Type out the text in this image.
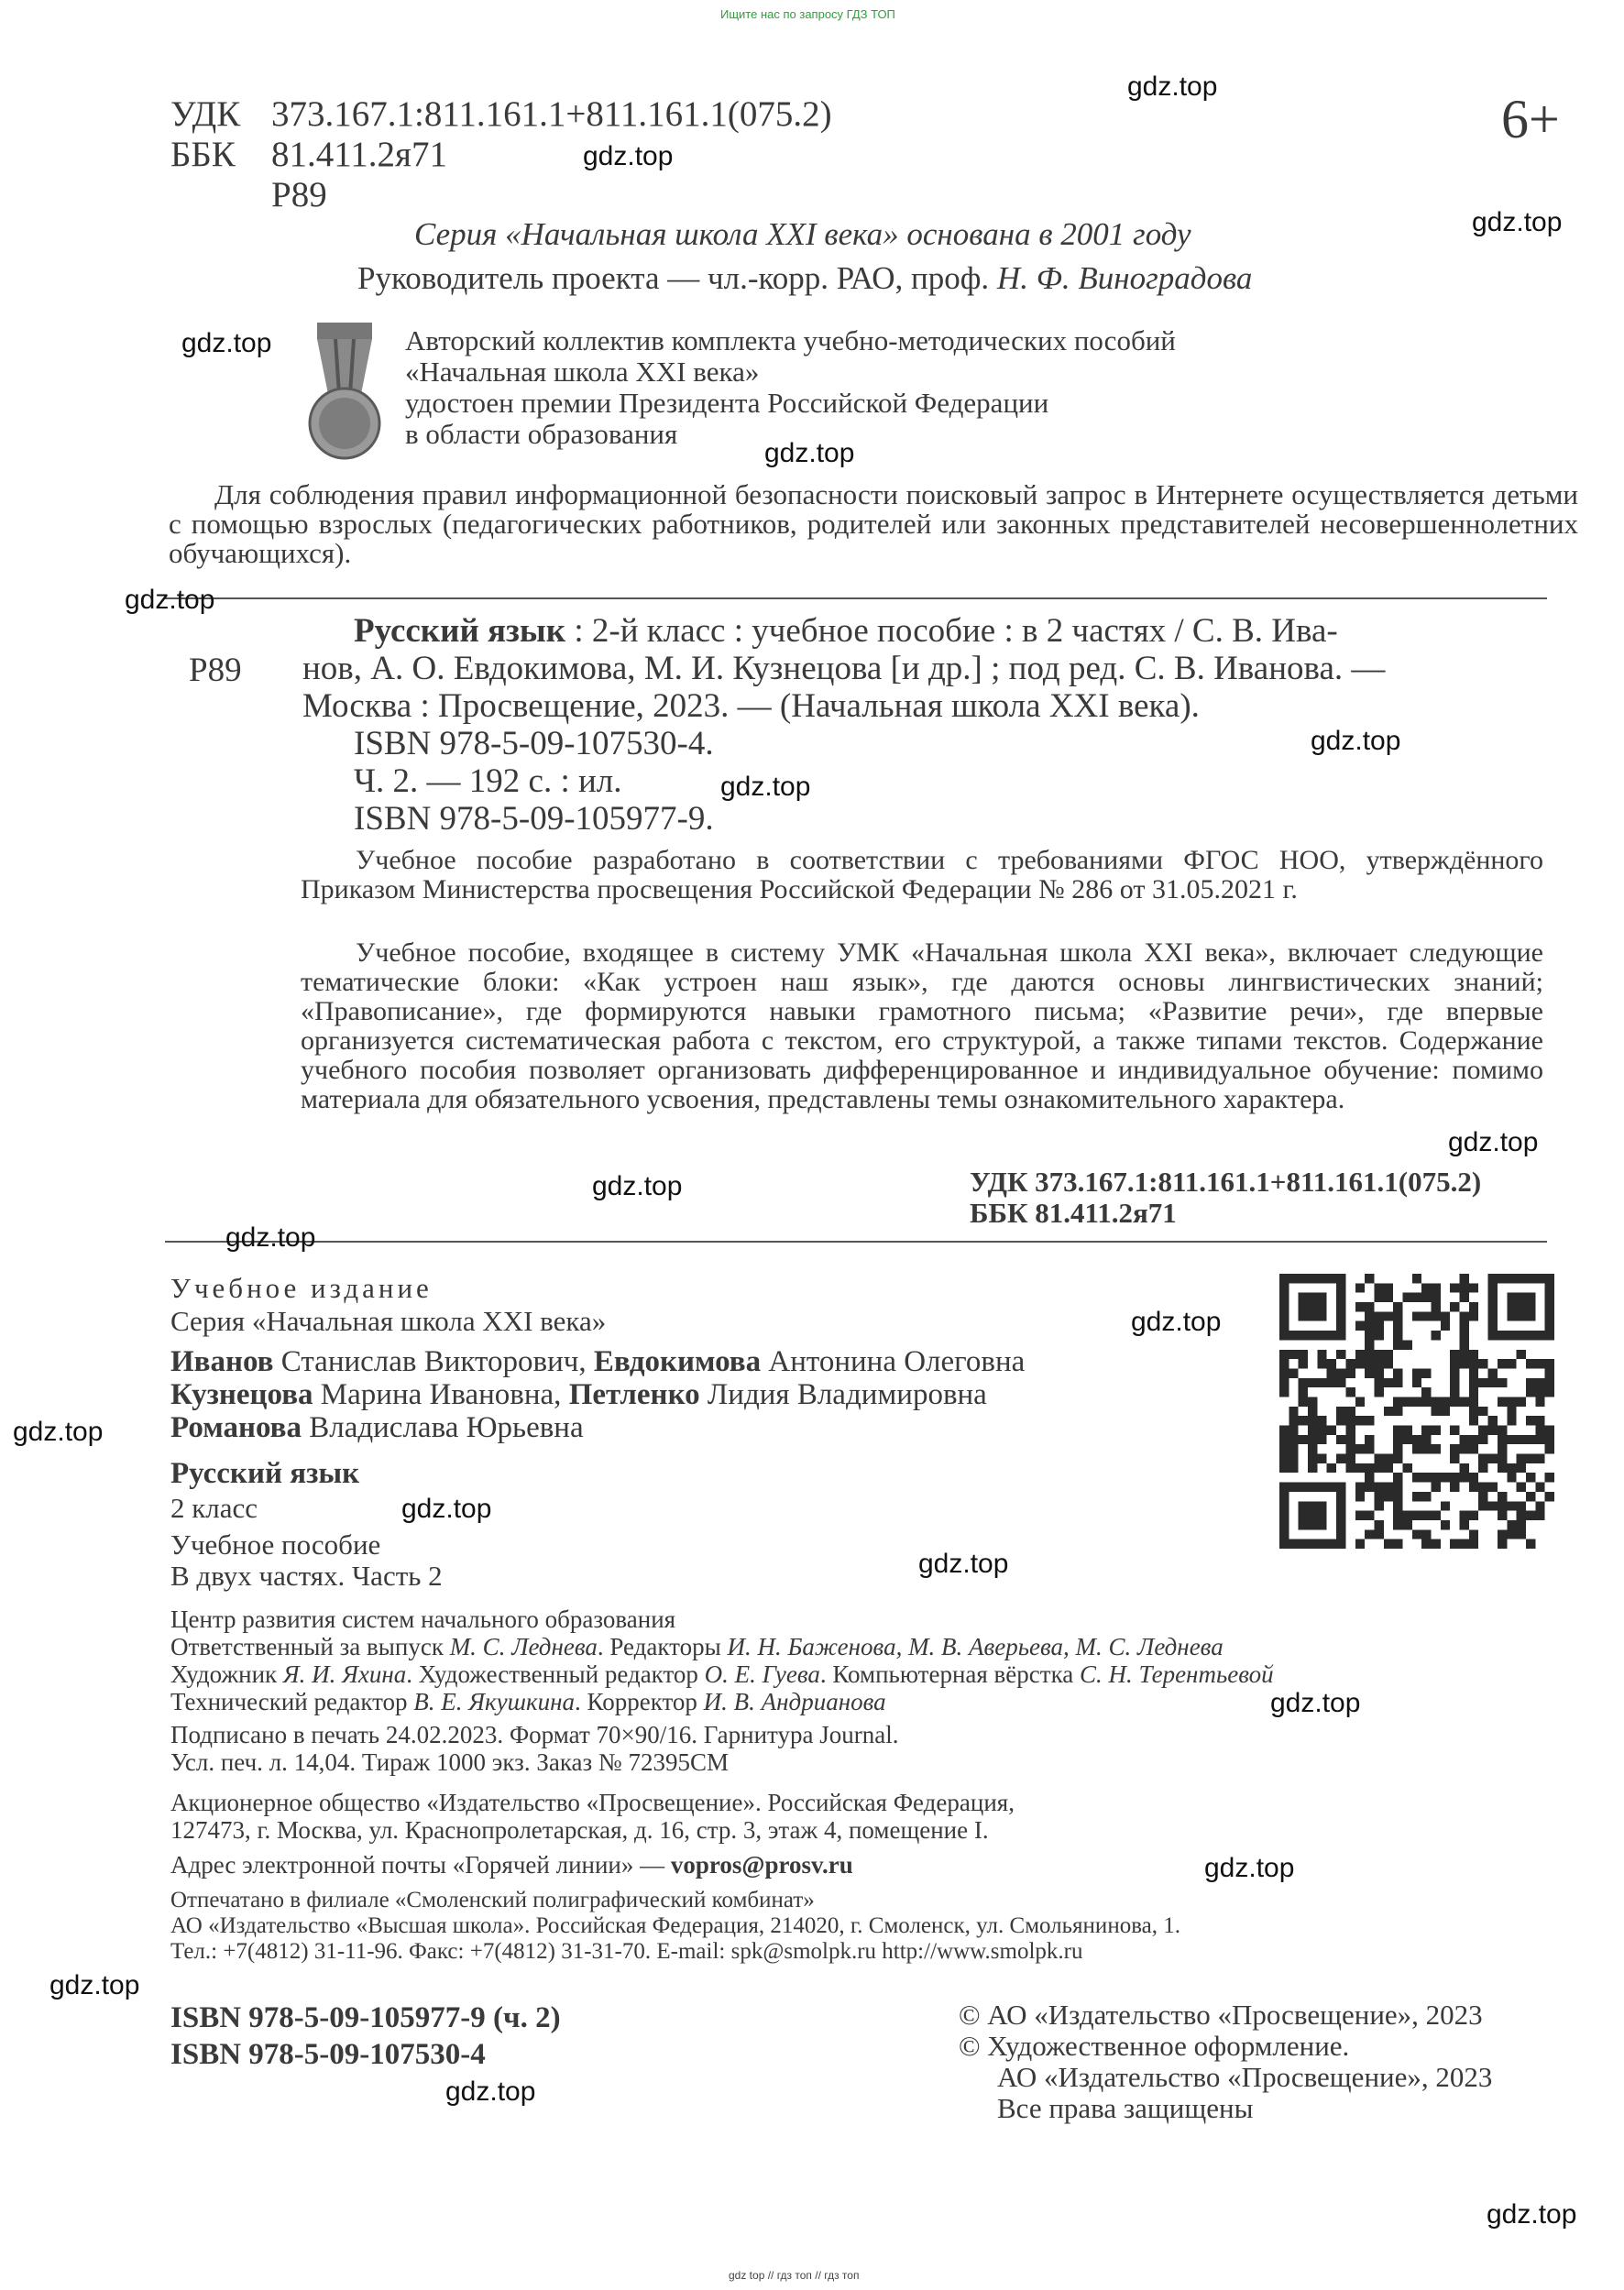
Ищите нас по запросу ГДЗ ТОП
gdz top // гдз топ // гдз топ
УДК 373.167.1:811.161.1+811.161.1(075.2)
ББК 81.411.2я71
Р89
6+
Серия «Начальная школа XXI века» основана в 2001 году
Руководитель проекта — чл.-корр. РАО, проф. Н. Ф. Виноградова
Авторский коллектив комплекта учебно-методических пособий
«Начальная школа XXI века»
удостоен премии Президента Российской Федерации
в области образования
Для соблюдения правил информационной безопасности поисковый запрос в Интернете осуществляется детьми с помощью взрослых (педагогических работников, родителей или законных представителей несовершеннолетних обучающихся).
Р89
Русский язык : 2-й класс : учебное пособие : в 2 частях / С. В. Ива-
нов, А. О. Евдокимова, М. И. Кузнецова [и др.] ; под ред. С. В. Иванова. —
Москва : Просвещение, 2023. — (Начальная школа XXI века).
ISBN 978-5-09-107530-4.
Ч. 2. — 192 с. : ил.
ISBN 978-5-09-105977-9.
Учебное пособие разработано в соответствии с требованиями ФГОС НОО, утверждённого Приказом Министерства просвещения Российской Федерации № 286 от 31.05.2021 г.
Учебное пособие, входящее в систему УМК «Начальная школа XXI века», включает следующие тематические блоки: «Как устроен наш язык», где даются основы лингвистических знаний; «Правописание», где формируются навыки грамотного письма; «Развитие речи», где впервые организуется систематическая работа с текстом, его структурой, а также типами текстов. Содержание учебного пособия позволяет организовать дифференцированное и индивидуальное обучение: помимо материала для обязательного усвоения, представлены темы ознакомительного характера.
УДК 373.167.1:811.161.1+811.161.1(075.2)
ББК 81.411.2я71
Учебное издание
Серия «Начальная школа XXI века»
Иванов Станислав Викторович, Евдокимова Антонина Олеговна
Кузнецова Марина Ивановна, Петленко Лидия Владимировна
Романова Владислава Юрьевна
Русский язык
2 класс
Учебное пособие
В двух частях. Часть 2
Центр развития систем начального образования
Ответственный за выпуск М. С. Леднева. Редакторы И. Н. Баженова, М. В. Аверьева, М. С. Леднева
Художник Я. И. Яхина. Художественный редактор О. Е. Гуева. Компьютерная вёрстка С. Н. Терентьевой
Технический редактор В. Е. Якушкина. Корректор И. В. Андрианова
Подписано в печать 24.02.2023. Формат 70×90/16. Гарнитура Journal.
Усл. печ. л. 14,04. Тираж 1000 экз. Заказ № 72395СМ
Акционерное общество «Издательство «Просвещение». Российская Федерация,
127473, г. Москва, ул. Краснопролетарская, д. 16, стр. 3, этаж 4, помещение I.
Адрес электронной почты «Горячей линии» — vopros@prosv.ru
Отпечатано в филиале «Смоленский полиграфический комбинат»
АО «Издательство «Высшая школа». Российская Федерация, 214020, г. Смоленск, ул. Смольянинова, 1.
Тел.: +7(4812) 31-11-96. Факс: +7(4812) 31-31-70. E-mail: spk@smolpk.ru http://www.smolpk.ru
ISBN 978-5-09-105977-9 (ч. 2)
ISBN 978-5-09-107530-4
© АО «Издательство «Просвещение», 2023
© Художественное оформление.
АО «Издательство «Просвещение», 2023
Все права защищены
gdz.top
gdz.top
gdz.top
gdz.top
gdz.top
gdz.top
gdz.top
gdz.top
gdz.top
gdz.top
gdz.top
gdz.top
gdz.top
gdz.top
gdz.top
gdz.top
gdz.top
gdz.top
gdz.top
gdz.top
